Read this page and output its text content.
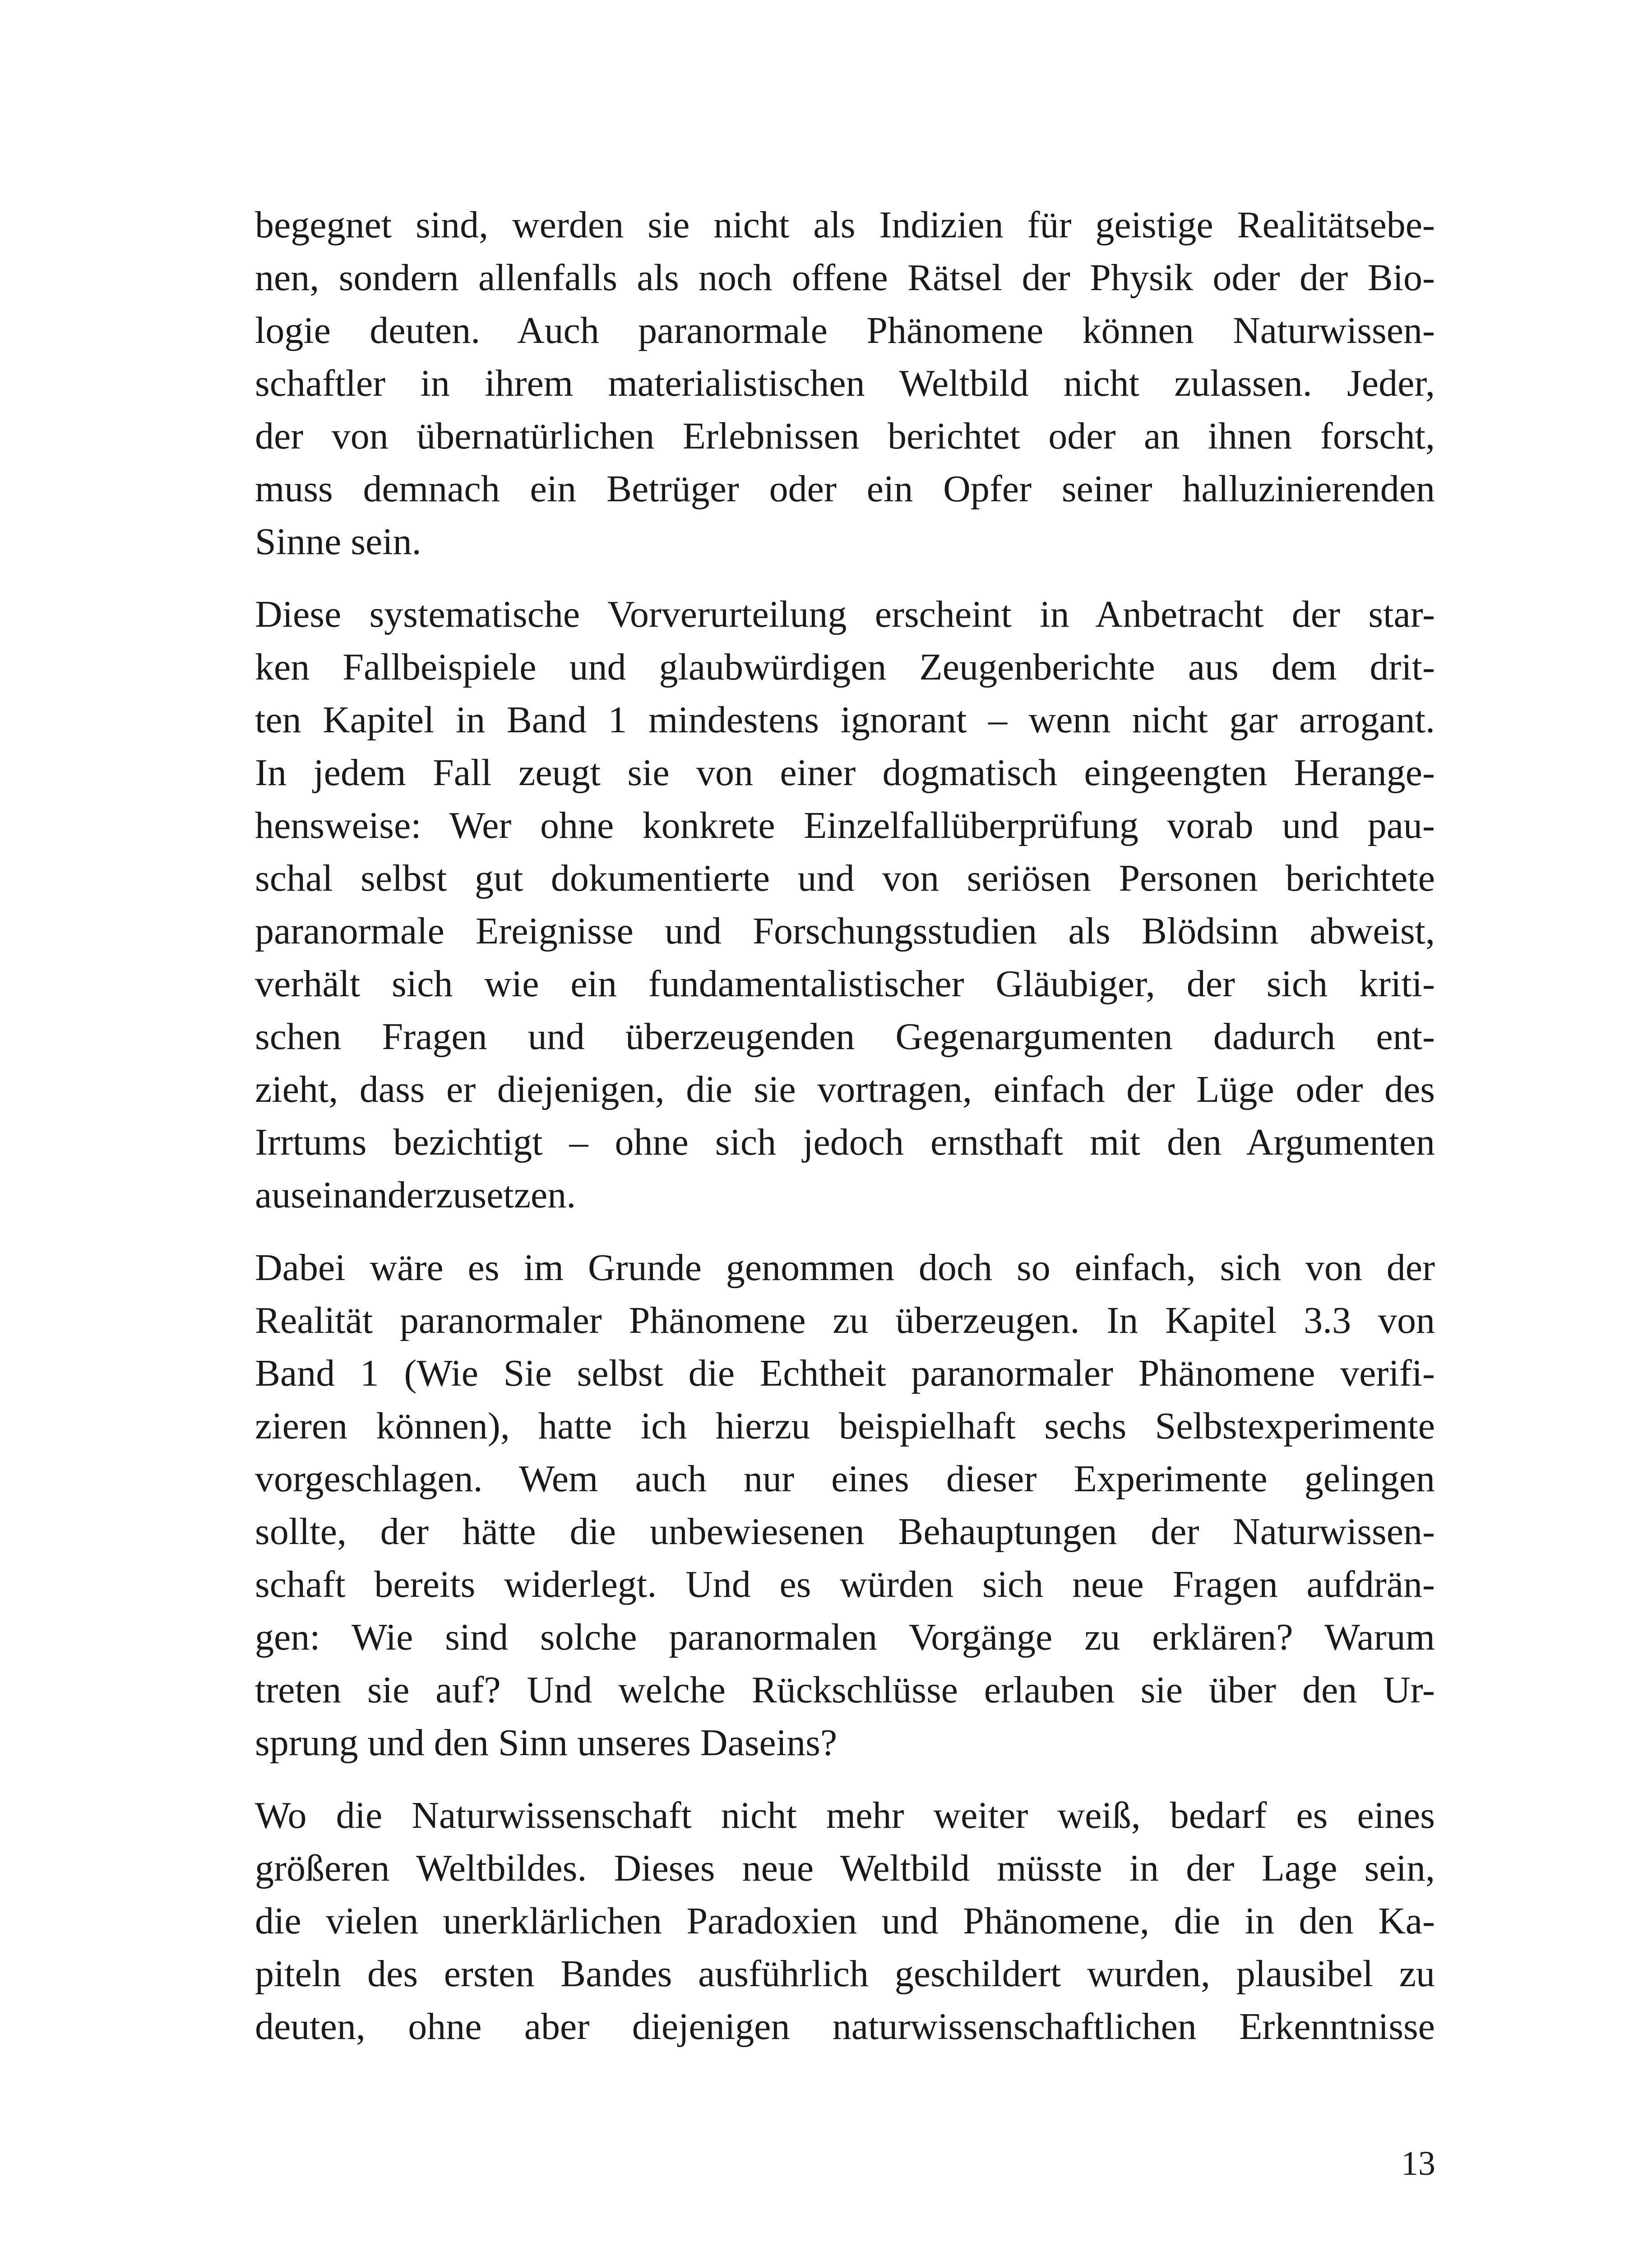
begegnet sind, werden sie nicht als Indizien für geistige Realitätsebe-
nen, sondern allenfalls als noch offene Rätsel der Physik oder der Bio-
logie deuten. Auch paranormale Phänomene können Naturwissen-
schaftler in ihrem materialistischen Weltbild nicht zulassen. Jeder,
der von übernatürlichen Erlebnissen berichtet oder an ihnen forscht,
muss demnach ein Betrüger oder ein Opfer seiner halluzinierenden
Sinne sein.

Diese systematische Vorverurteilung erscheint in Anbetracht der star-
ken Fallbeispiele und glaubwürdigen Zeugenberichte aus dem drit-
ten Kapitel in Band 1 mindestens ignorant – wenn nicht gar arrogant.
In jedem Fall zeugt sie von einer dogmatisch eingeengten Herange-
hensweise: Wer ohne konkrete Einzelfallüberprüfung vorab und pau-
schal selbst gut dokumentierte und von seriösen Personen berichtete
paranormale Ereignisse und Forschungsstudien als Blödsinn abweist,
verhält sich wie ein fundamentalistischer Gläubiger, der sich kriti-
schen Fragen und überzeugenden Gegenargumenten dadurch ent-
zieht, dass er diejenigen, die sie vortragen, einfach der Lüge oder des
Irrtums bezichtigt – ohne sich jedoch ernsthaft mit den Argumenten
auseinanderzusetzen.

Dabei wäre es im Grunde genommen doch so einfach, sich von der
Realität paranormaler Phänomene zu überzeugen. In Kapitel 3.3 von
Band 1 (Wie Sie selbst die Echtheit paranormaler Phänomene verifi-
zieren können), hatte ich hierzu beispielhaft sechs Selbstexperimente
vorgeschlagen. Wem auch nur eines dieser Experimente gelingen
sollte, der hätte die unbewiesenen Behauptungen der Naturwissen-
schaft bereits widerlegt. Und es würden sich neue Fragen aufdrän-
gen: Wie sind solche paranormalen Vorgänge zu erklären? Warum
treten sie auf? Und welche Rückschlüsse erlauben sie über den Ur-
sprung und den Sinn unseres Daseins?

Wo die Naturwissenschaft nicht mehr weiter weiß, bedarf es eines
größeren Weltbildes. Dieses neue Weltbild müsste in der Lage sein,
die vielen unerklärlichen Paradoxien und Phänomene, die in den Ka-
piteln des ersten Bandes ausführlich geschildert wurden, plausibel zu
deuten, ohne aber diejenigen naturwissenschaftlichen Erkenntnisse

13
